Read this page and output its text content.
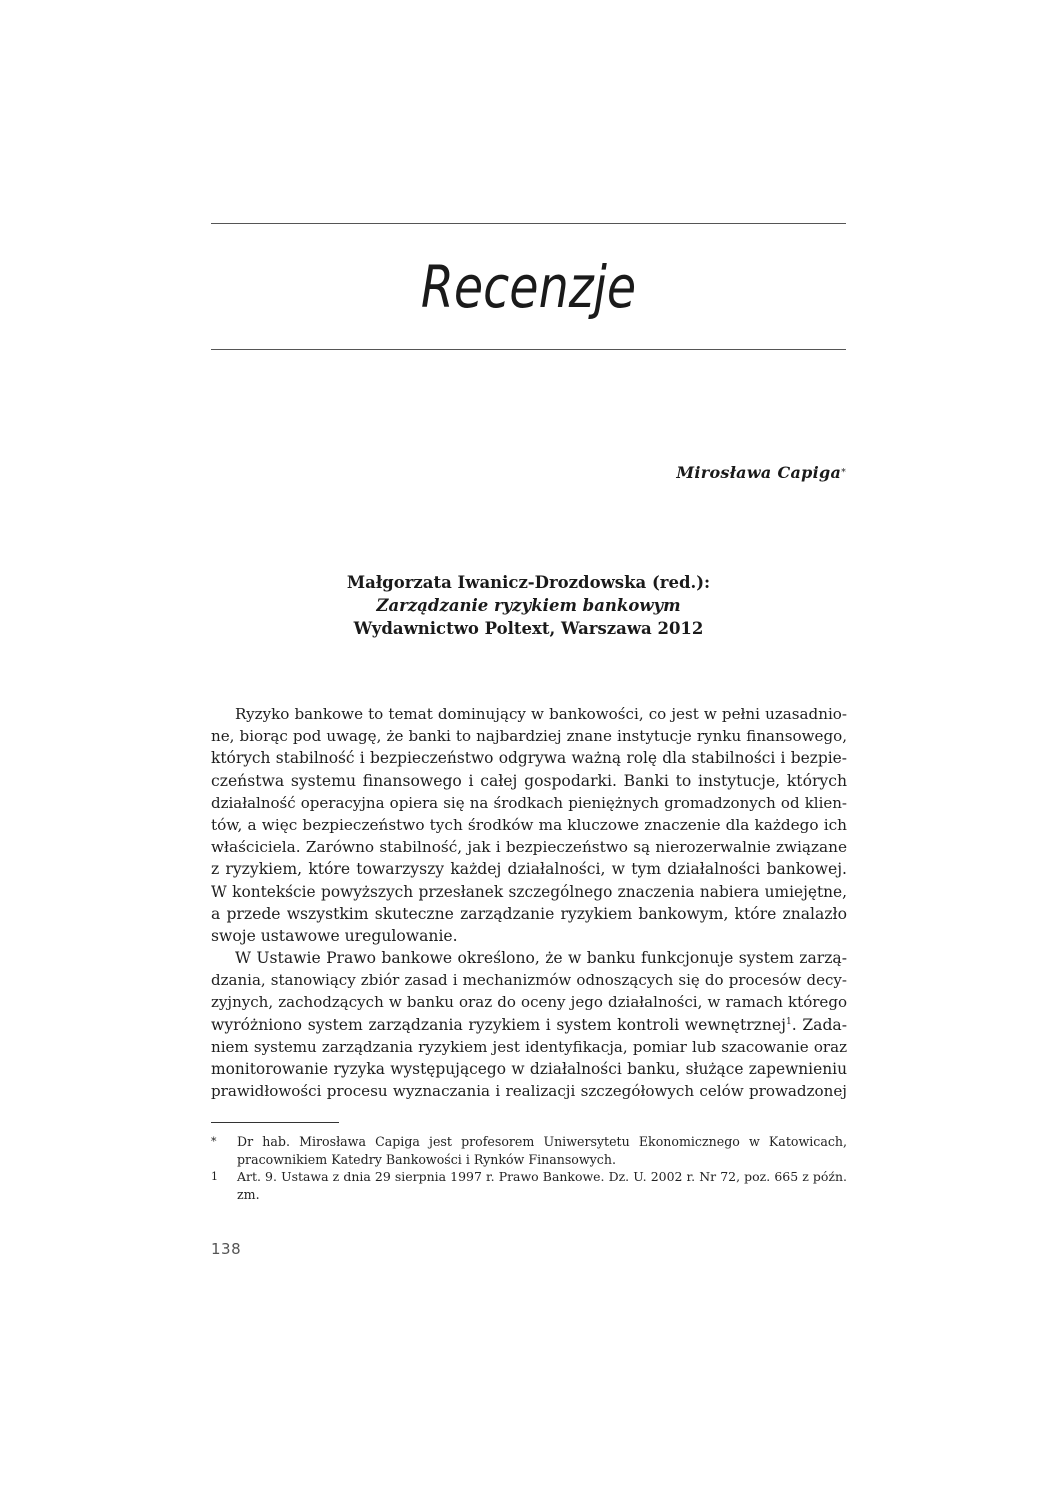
Recenzje
Mirosława Capiga*
Małgorzata Iwanicz-Drozdowska (red.):
Zarządzanie ryzykiem bankowym
Wydawnictwo Poltext, Warszawa 2012
Ryzyko bankowe to temat dominujący w bankowości, co jest w pełni uzasadnio-
ne, biorąc pod uwagę, że banki to najbardziej znane instytucje rynku finansowego,
których stabilność i bezpieczeństwo odgrywa ważną rolę dla stabilności i bezpie-
czeństwa systemu finansowego i całej gospodarki. Banki to instytucje, których
działalność operacyjna opiera się na środkach pieniężnych gromadzonych od klien-
tów, a więc bezpieczeństwo tych środków ma kluczowe znaczenie dla każdego ich
właściciela. Zarówno stabilność, jak i bezpieczeństwo są nierozerwalnie związane
z ryzykiem, które towarzyszy każdej działalności, w tym działalności bankowej.
W kontekście powyższych przesłanek szczególnego znaczenia nabiera umiejętne,
a przede wszystkim skuteczne zarządzanie ryzykiem bankowym, które znalazło
swoje ustawowe uregulowanie.
W Ustawie Prawo bankowe określono, że w banku funkcjonuje system zarzą-
dzania, stanowiący zbiór zasad i mechanizmów odnoszących się do procesów decy-
zyjnych, zachodzących w banku oraz do oceny jego działalności, w ramach którego
wyróżniono system zarządzania ryzykiem i system kontroli wewnętrznej$^1$. Zada-
niem systemu zarządzania ryzykiem jest identyfikacja, pomiar lub szacowanie oraz
monitorowanie ryzyka występującego w działalności banku, służące zapewnieniu
prawidłowości procesu wyznaczania i realizacji szczegółowych celów prowadzonej
* Dr hab. Mirosława Capiga jest profesorem Uniwersytetu Ekonomicznego w Katowicach,
pracownikiem Katedry Bankowości i Rynków Finansowych.
1 Art. 9. Ustawa z dnia 29 sierpnia 1997 r. Prawo Bankowe. Dz. U. 2002 r. Nr 72, poz. 665 z późn.
zm.
138
